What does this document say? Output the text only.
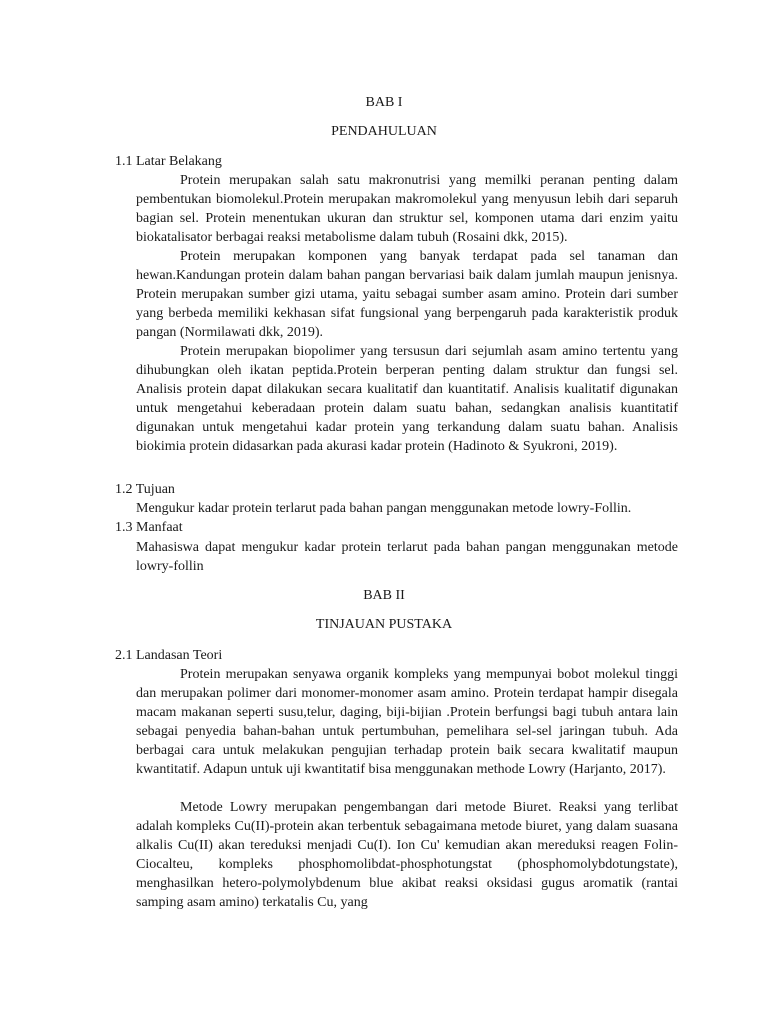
BAB I
PENDAHULUAN
1.1 Latar Belakang

Protein merupakan salah satu makronutrisi yang memilki peranan penting dalam pembentukan biomolekul.Protein merupakan makromolekul yang menyusun lebih dari separuh bagian sel. Protein menentukan ukuran dan struktur sel, komponen utama dari enzim yaitu biokatalisator berbagai reaksi metabolisme dalam tubuh (Rosaini dkk, 2015).

Protein merupakan komponen yang banyak terdapat pada sel tanaman dan hewan.Kandungan protein dalam bahan pangan bervariasi baik dalam jumlah maupun jenisnya. Protein merupakan sumber gizi utama, yaitu sebagai sumber asam amino. Protein dari sumber yang berbeda memiliki kekhasan sifat fungsional yang berpengaruh pada karakteristik produk pangan (Normilawati dkk, 2019).

Protein merupakan biopolimer yang tersusun dari sejumlah asam amino tertentu yang dihubungkan oleh ikatan peptida.Protein berperan penting dalam struktur dan fungsi sel. Analisis protein dapat dilakukan secara kualitatif dan kuantitatif. Analisis kualitatif digunakan untuk mengetahui keberadaan protein dalam suatu bahan, sedangkan analisis kuantitatif digunakan untuk mengetahui kadar protein yang terkandung dalam suatu bahan. Analisis biokimia protein didasarkan pada akurasi kadar protein (Hadinoto & Syukroni, 2019).

1.2 Tujuan

Mengukur kadar protein terlarut pada bahan pangan menggunakan metode lowry-Follin.

1.3 Manfaat

Mahasiswa dapat mengukur kadar protein terlarut pada bahan pangan menggunakan metode lowry-follin

BAB II
TINJAUAN PUSTAKA
2.1 Landasan Teori

Protein merupakan senyawa organik kompleks yang mempunyai bobot molekul tinggi dan merupakan polimer dari monomer-monomer asam amino. Protein terdapat hampir disegala macam makanan seperti susu,telur, daging, biji-bijian .Protein berfungsi bagi tubuh antara lain sebagai penyedia bahan-bahan untuk pertumbuhan, pemelihara sel-sel jaringan tubuh. Ada berbagai cara untuk melakukan pengujian terhadap protein baik secara kwalitatif maupun kwantitatif. Adapun untuk uji kwantitatif bisa menggunakan methode Lowry (Harjanto, 2017).

Metode Lowry merupakan pengembangan dari metode Biuret. Reaksi yang terlibat adalah kompleks Cu(II)-protein akan terbentuk sebagaimana metode biuret, yang dalam suasana alkalis Cu(II) akan tereduksi menjadi Cu(I). Ion Cu' kemudian akan mereduksi reagen Folin-Ciocalteu, kompleks phosphomolibdat-phosphotungstat (phosphomolybdotungstate), menghasilkan hetero-polymolybdenum blue akibat reaksi oksidasi gugus aromatik (rantai samping asam amino) terkatalis Cu, yang
